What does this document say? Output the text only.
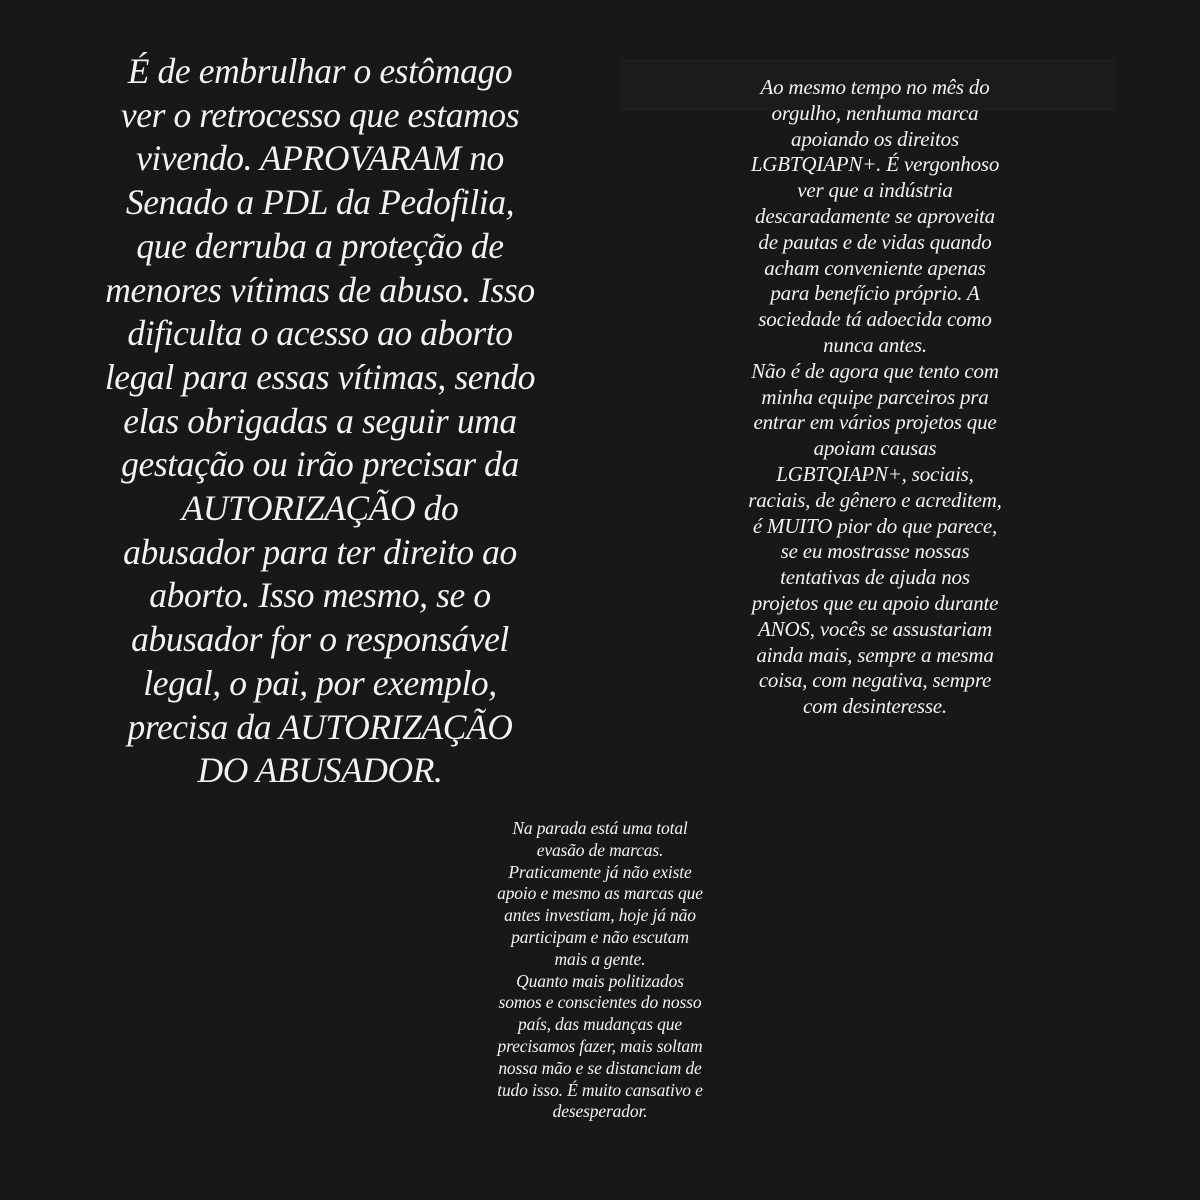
É de embrulhar o estômago
ver o retrocesso que estamos
vivendo. APROVARAM no
Senado a PDL da Pedofilia,
que derruba a proteção de
menores vítimas de abuso. Isso
dificulta o acesso ao aborto
legal para essas vítimas, sendo
elas obrigadas a seguir uma
gestação ou irão precisar da
AUTORIZAÇÃO do
abusador para ter direito ao
aborto. Isso mesmo, se o
abusador for o responsável
legal, o pai, por exemplo,
precisa da AUTORIZAÇÃO
DO ABUSADOR.

Ao mesmo tempo no mês do
orgulho, nenhuma marca
apoiando os direitos
LGBTQIAPN+. É vergonhoso
ver que a indústria
descaradamente se aproveita
de pautas e de vidas quando
acham conveniente apenas
para benefício próprio. A
sociedade tá adoecida como
nunca antes.
Não é de agora que tento com
minha equipe parceiros pra
entrar em vários projetos que
apoiam causas
LGBTQIAPN+, sociais,
raciais, de gênero e acreditem,
é MUITO pior do que parece,
se eu mostrasse nossas
tentativas de ajuda nos
projetos que eu apoio durante
ANOS, vocês se assustariam
ainda mais, sempre a mesma
coisa, com negativa, sempre
com desinteresse.

Na parada está uma total
evasão de marcas.
Praticamente já não existe
apoio e mesmo as marcas que
antes investiam, hoje já não
participam e não escutam
mais a gente.
Quanto mais politizados
somos e conscientes do nosso
país, das mudanças que
precisamos fazer, mais soltam
nossa mão e se distanciam de
tudo isso. É muito cansativo e
desesperador.
